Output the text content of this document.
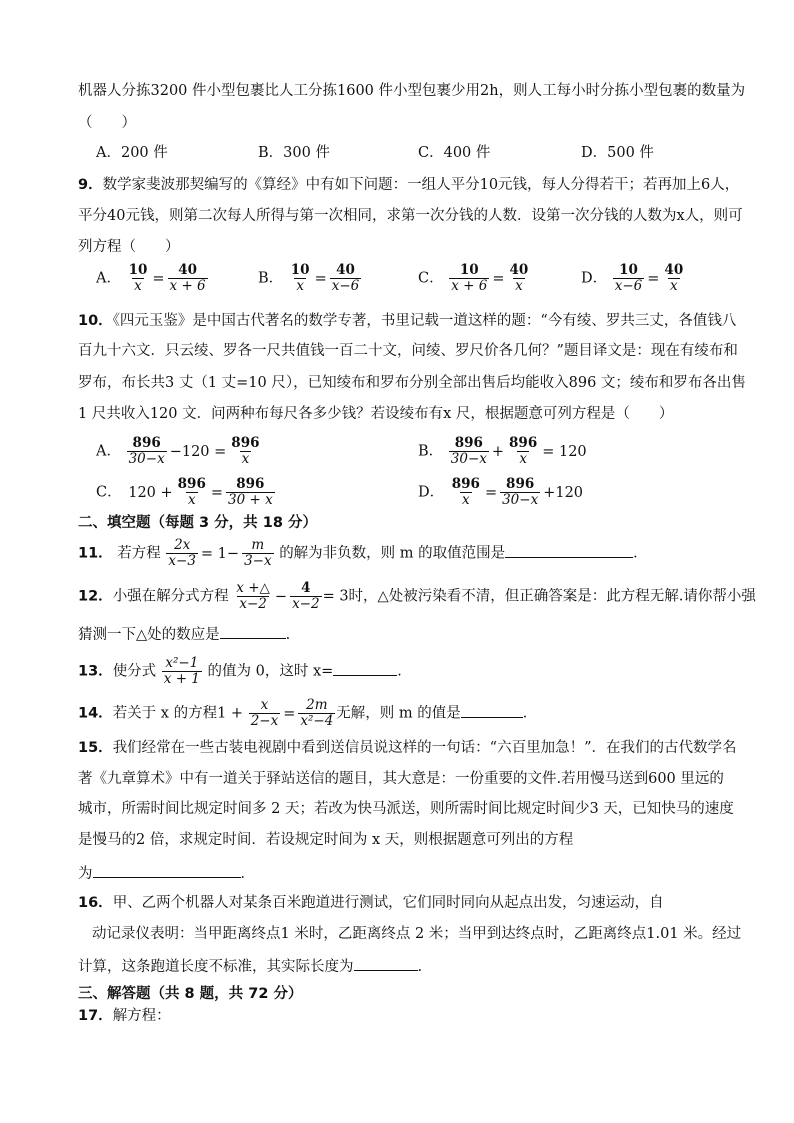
机器人分拣3200 件小型包裹比人工分拣1600 件小型包裹少用2h，则人工每小时分拣小型包裹的数量为
（　　）
A．200 件	B．300 件	C．400 件	D．500 件
9．数学家斐波那契编写的《算经》中有如下问题：一组人平分10元钱，每人分得若干；若再加上6人，
平分40元钱，则第二次每人所得与第一次相同，求第一次分钱的人数．设第一次分钱的人数为x人，则可
列方程（　　）
A． $\frac{10}{x} = \frac{40}{x + 6}$	B． $\frac{10}{x} = \frac{40}{x-6}$	C． $\frac{10}{x + 6} = \frac{40}{x}$	D． $\frac{10}{x-6} = \frac{40}{x}$
10．《四元玉鉴》是中国古代著名的数学专著，书里记载一道这样的题：“今有绫、罗共三丈，各值钱八
百九十六文．只云绫、罗各一尺共值钱一百二十文，问绫、罗尺价各几何？”题目译文是：现在有绫布和
罗布，布长共3 丈（1 丈=10 尺），已知绫布和罗布分别全部出售后均能收入896 文；绫布和罗布各出售
1 尺共收入120 文．问两种布每尺各多少钱？若设绫布有x 尺，根据题意可列方程是（　　）
A． $\frac{896}{30-x} -120 = \frac{896}{x}$	B． $\frac{896}{30-x} + \frac{896}{x} = 120$
C． $120 + \frac{896}{x} = \frac{896}{30 + x}$	D． $\frac{896}{x} = \frac{896}{30-x} +120$
二、填空题（每题 3 分，共 18 分）
11． 若方程 $\frac{2x}{x-3} = 1- \frac{m}{3-x}$ 的解为非负数，则 m 的取值范围是	．
12．小强在解分式方程 $\frac{x +\triangle}{x-2} - \frac{4}{x-2} = 3$时，△处被污染看不清，但正确答案是：此方程无解.请你帮小强
猜测一下△处的数应是	.
13．使分式 $\frac{\text{x²−1}}{x + 1}$ 的值为 0，这时 x=	．
14．若关于 x 的方程$1 + \frac{x}{2-x} = \frac{2m}{\text{x²−4}}$ 无解，则 m 的值是	．
15．我们经常在一些古装电视剧中看到送信员说这样的一句话：“六百里加急！”．在我们的古代数学名
著《九章算术》中有一道关于驿站送信的题目，其大意是：一份重要的文件.若用慢马送到600 里远的
城市，所需时间比规定时间多 2 天；若改为快马派送，则所需时间比规定时间少3 天，已知快马的速度
是慢马的2 倍，求规定时间．若设规定时间为 x 天，则根据题意可列出的方程
为	．
16．甲、乙两个机器人对某条百米跑道进行测试，它们同时同向从起点出发，匀速运动，自
动记录仪表明：当甲距离终点1 米时，乙距离终点 2 米；当甲到达终点时，乙距离终点1.01 米。经过
计算，这条跑道长度不标准，其实际长度为	.
三、解答题（共 8 题，共 72 分）
17．解方程：
